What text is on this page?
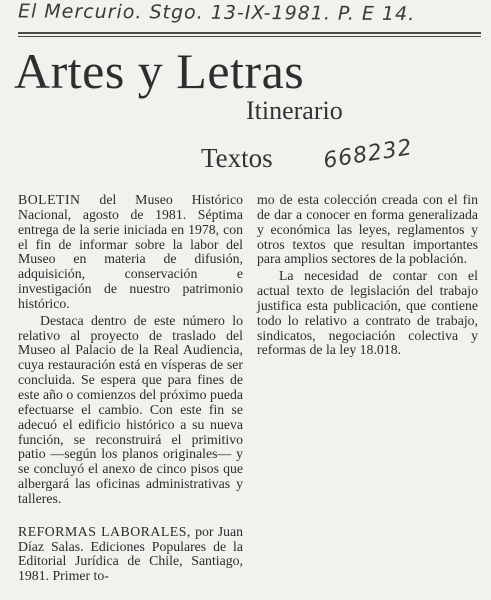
El Mercurio. Stgo. 13-IX-1981. P. E 14.
Artes y Letras
Itinerario
Textos 668232

BOLETIN del Museo Histórico Nacional, agosto de 1981. Séptima entrega de la serie iniciada en 1978, con el fin de informar sobre la labor del Museo en materia de difusión, adquisición, conservación e investigación de nuestro patrimonio histórico.

Destaca dentro de este número lo relativo al proyecto de traslado del Museo al Palacio de la Real Audiencia, cuya restauración está en vísperas de ser concluida. Se espera que para fines de este año o comienzos del próximo pueda efectuarse el cambio. Con este fin se adecuó el edificio histórico a su nueva función, se reconstruirá el primitivo patio —según los planos originales— y se concluyó el anexo de cinco pisos que albergará las oficinas administrativas y talleres.

REFORMAS LABORALES, por Juan Díaz Salas. Ediciones Populares de la Editorial Jurídica de Chile, Santiago, 1981. Primer to-

mo de esta colección creada con el fin de dar a conocer en forma generalizada y económica las leyes, reglamentos y otros textos que resultan importantes para amplios sectores de la población.

La necesidad de contar con el actual texto de legislación del trabajo justifica esta publicación, que contiene todo lo relativo a contrato de trabajo, sindicatos, negociación colectiva y reformas de la ley 18.018.
